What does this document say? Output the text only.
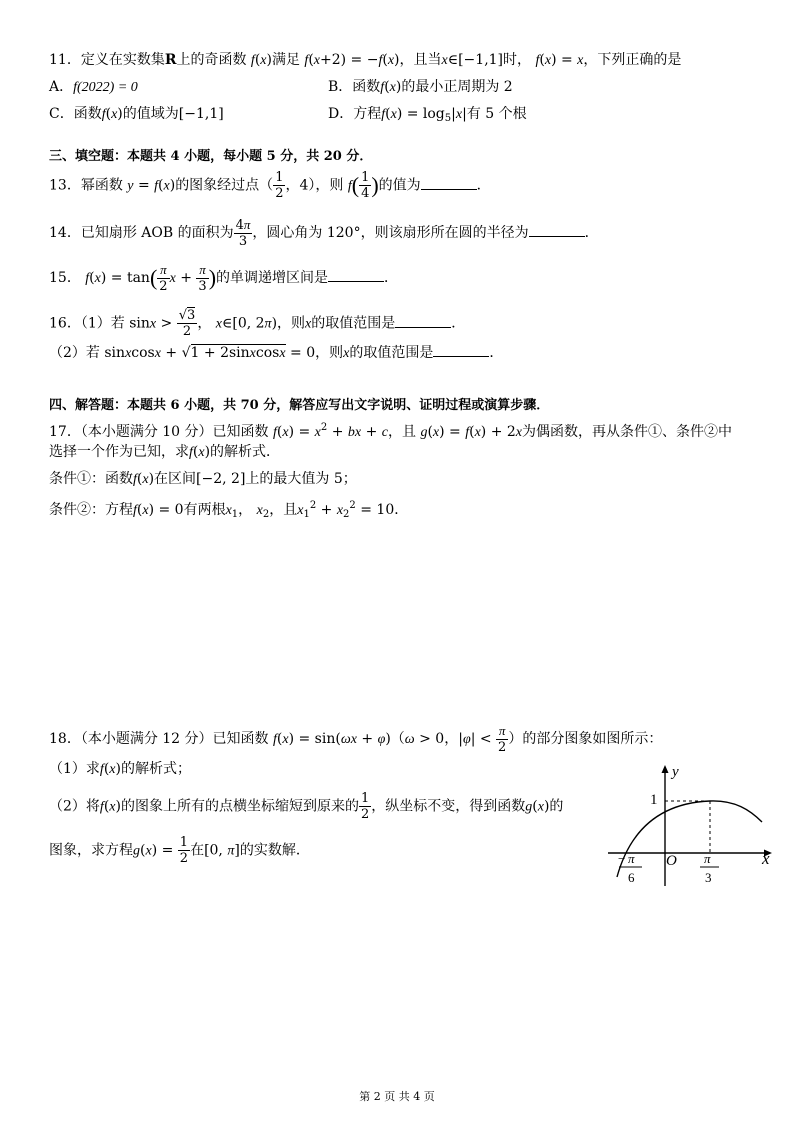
11．定义在实数集R上的奇函数 f(x)满足 f(x+2) = −f(x)，且当x∈[−1,1]时， f(x) = x，下列正确的是
A．f(2022) = 0	B．函数f(x)的最小正周期为 2
C．函数f(x)的值域为[−1,1]	D．方程$f(x) = \log_5|x|$有 5 个根
三、填空题：本题共 4 小题，每小题 5 分，共 20 分．
13．幂函数 y = f(x)的图象经过点（ $\frac{1}{2}$ ，4），则 $f( \frac{1}{4}$ )的值为	．
14．已知扇形 AOB 的面积为 $\frac{4\pi}{3}$ ，圆心角为 120°，则该扇形所在圆的半径为	．
15． $f(x) = \tan( \frac{\pi}{2}$ $x + \frac{\pi}{3}$ )的单调递增区间是	．
16．（1）若 $\sin x > \frac{√3}{2}$ ， x∈[0, 2π)，则x的取值范围是	．
（2）若 sinxcosx + √1 + 2sinxcosx = 0，则x的取值范围是	．
四、解答题：本题共 6 小题，共 70 分，解答应写出文字说明、证明过程或演算步骤．
17．（本小题满分 10 分）已知函数 $f(x) = x^2$ + bx + c，且 g(x) = f(x) + 2x为偶函数，再从条件①、条件②中
选择一个作为已知，求f(x)的解析式．
条件①：函数f(x)在区间[−2, 2]上的最大值为 5；
条件②：方程f(x) = 0有两根$x_1$， $x_2$，且$x_1^2 + x_2^2 = 10$．
18．（本小题满分 12 分）已知函数 f(x) = sin(ωx + φ)（ω > 0，$|\varphi| < \frac{\pi}{2}$ ）的部分图象如图所示：
（1）求f(x)的解析式；
（2）将f(x)的图象上所有的点横坐标缩短到原来的 $\frac{1}{2}$ ，纵坐标不变，得到函数g(x)的
图象，求方程$g(x) = \frac{1}{2}$ 在[0, π]的实数解．
y
x
1
O
− π
6
π
3
第 2 页 共 4 页
